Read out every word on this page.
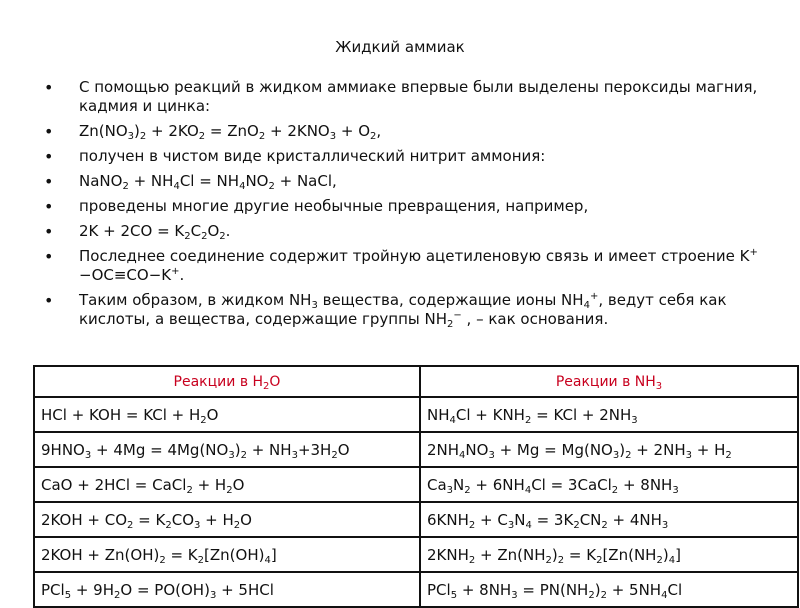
Жидкий аммиак
• С помощью реакций в жидком аммиаке впервые были выделены пероксиды магния, кадмия и цинка:
• $Zn(NO_3)_2 + 2KO_2 = ZnO_2 + 2KNO_3 + O_2$,
• получен в чистом виде кристаллический нитрит аммония:
• NaNO$_2$ + $NH_4Cl = NH_4NO_2$ + NaCl,
• проведены многие другие необычные превращения, например,
• $2K + 2CO = K_2C_2O_2$.
• Последнее соединение содержит тройную ацетиленовую связь и имеет строение K+−OC≡CO−K+.
• Таким образом, в жидком $NH_3$ вещества, содержащие ионы $NH_4^+$, ведут себя как кислоты, а вещества, содержащие группы $NH_2^-$ , – как основания.
Реакции в $H_2O$	Реакции в $NH_3$
HCl + KOH = KCl + $H_2O$	$NH_4Cl + KNH_2$ = KCl + $2NH_3$
$9HNO_3 + 4Mg = 4Mg(NO_3)_2 + NH_3+3H_2O$	$2NH_4NO_3 + Mg = Mg(NO_3)_2 + 2NH_3 + H_2$
CaO + 2HCl = CaCl$_2$ + $H_2O$	$Ca_3N_2 + 6NH_4Cl$ = 3CaCl$_2$ + $8NH_3$
$2KOH + CO_2 = K_2CO_3 + H_2O$	$6KNH_2 + C_3N_4 = 3K_2CN_2 + 4NH_3$
$2KOH + Zn(OH)_2 = K_2[Zn(OH)_4]$	$2KNH_2 + Zn(NH_2)_2 = K_2[Zn(NH_2)_4]$
$PCl_5 + 9H_2O = PO(OH)_3 + 5HCl$	$PCl_5 + 8NH_3 = PN(NH_2)_2 + 5NH_4Cl$
